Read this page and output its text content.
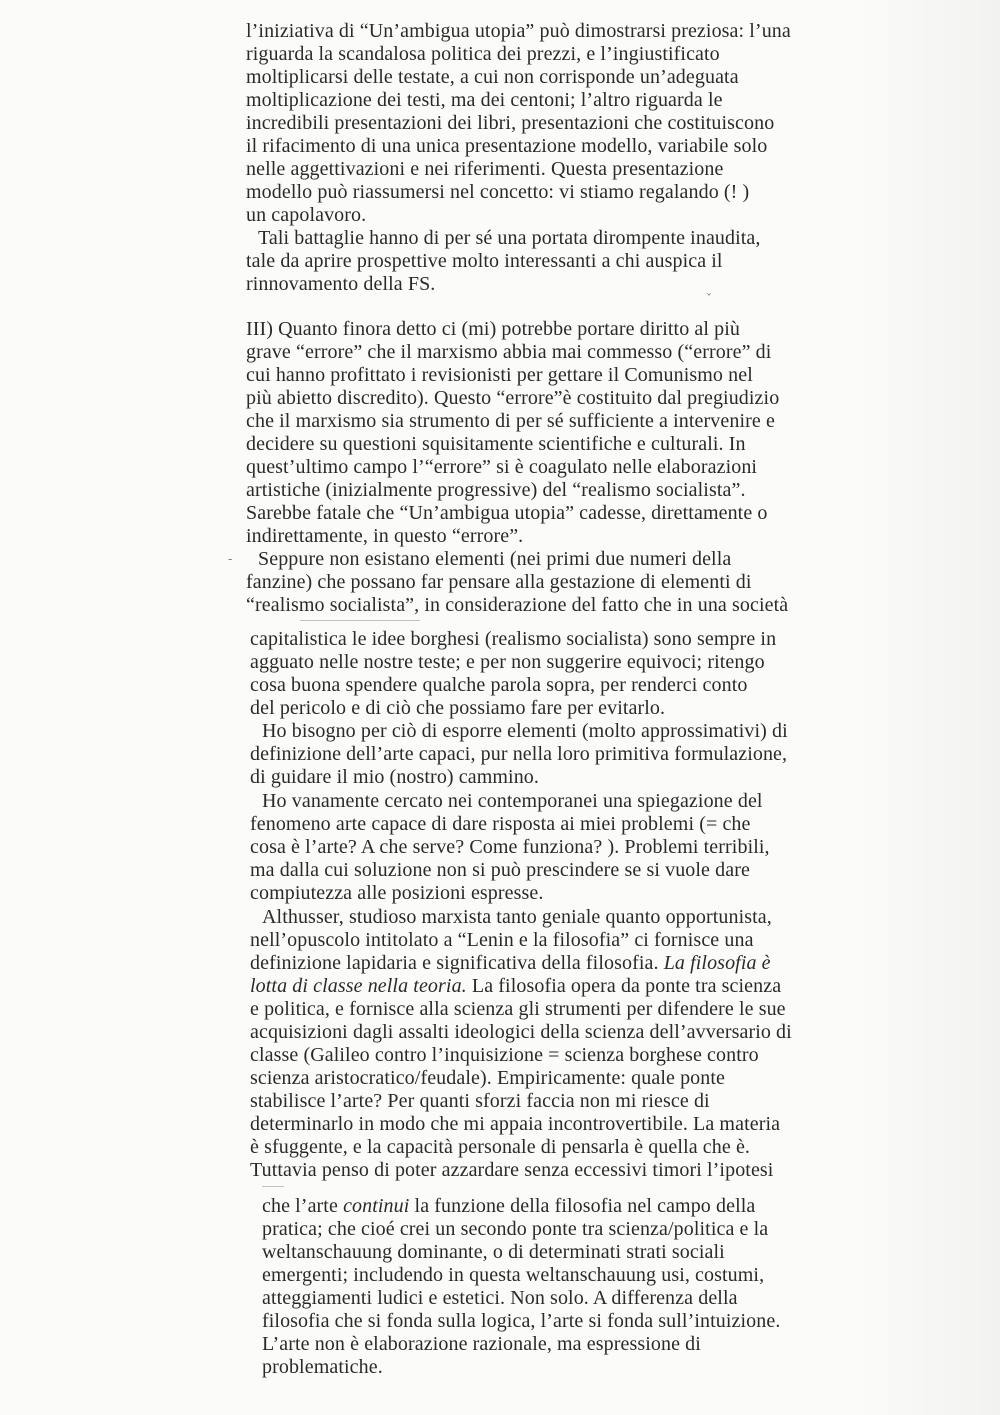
l’iniziativa di “Un’ambigua utopia” può dimostrarsi preziosa: l’una
riguarda la scandalosa politica dei prezzi, e l’ingiustificato
moltiplicarsi delle testate, a cui non corrisponde un’adeguata
moltiplicazione dei testi, ma dei centoni; l’altro riguarda le
incredibili presentazioni dei libri, presentazioni che costituiscono
il rifacimento di una unica presentazione modello, variabile solo
nelle aggettivazioni e nei riferimenti. Questa presentazione
modello può riassumersi nel concetto: vi stiamo regalando (! )
un capolavoro.
Tali battaglie hanno di per sé una portata dirompente inaudita,
tale da aprire prospettive molto interessanti a chi auspica il
rinnovamento della FS.
ˇ
III) Quanto finora detto ci (mi) potrebbe portare diritto al più
grave “errore” che il marxismo abbia mai commesso (“errore” di
cui hanno profittato i revisionisti per gettare il Comunismo nel
più abietto discredito). Questo “errore”è costituito dal pregiudizio
che il marxismo sia strumento di per sé sufficiente a intervenire e
decidere su questioni squisitamente scientifiche e culturali. In
quest’ultimo campo l’“errore” si è coagulato nelle elaborazioni
artistiche (inizialmente progressive) del “realismo socialista”.
Sarebbe fatale che “Un’ambigua utopia” cadesse, direttamente o
indirettamente, in questo “errore”.
-	Seppure non esistano elementi (nei primi due numeri della
fanzine) che possano far pensare alla gestazione di elementi di
“realismo socialista”, in considerazione del fatto che in una società
capitalistica le idee borghesi (realismo socialista) sono sempre in
agguato nelle nostre teste; e per non suggerire equivoci; ritengo
cosa buona spendere qualche parola sopra, per renderci conto
del pericolo e di ciò che possiamo fare per evitarlo.
Ho bisogno per ciò di esporre elementi (molto approssimativi) di
definizione dell’arte capaci, pur nella loro primitiva formulazione,
di guidare il mio (nostro) cammino.
Ho vanamente cercato nei contemporanei una spiegazione del
fenomeno arte capace di dare risposta ai miei problemi (= che
cosa è l’arte? A che serve? Come funziona? ). Problemi terribili,
ma dalla cui soluzione non si può prescindere se si vuole dare
compiutezza alle posizioni espresse.
Althusser, studioso marxista tanto geniale quanto opportunista,
nell’opuscolo intitolato a “Lenin e la filosofia” ci fornisce una
definizione lapidaria e significativa della filosofia. La filosofia è
lotta di classe nella teoria. La filosofia opera da ponte tra scienza
e politica, e fornisce alla scienza gli strumenti per difendere le sue
acquisizioni dagli assalti ideologici della scienza dell’avversario di
classe (Galileo contro l’inquisizione = scienza borghese contro
scienza aristocratico/feudale). Empiricamente: quale ponte
stabilisce l’arte? Per quanti sforzi faccia non mi riesce di
determinarlo in modo che mi appaia incontrovertibile. La materia
è sfuggente, e la capacità personale di pensarla è quella che è.
Tuttavia penso di poter azzardare senza eccessivi timori l’ipotesi
che l’arte continui la funzione della filosofia nel campo della
pratica; che cioé crei un secondo ponte tra scienza/politica e la
weltanschauung dominante, o di determinati strati sociali
emergenti; includendo in questa weltanschauung usi, costumi,
atteggiamenti ludici e estetici. Non solo. A differenza della
filosofia che si fonda sulla logica, l’arte si fonda sull’intuizione.
L’arte non è elaborazione razionale, ma espressione di
problematiche.
